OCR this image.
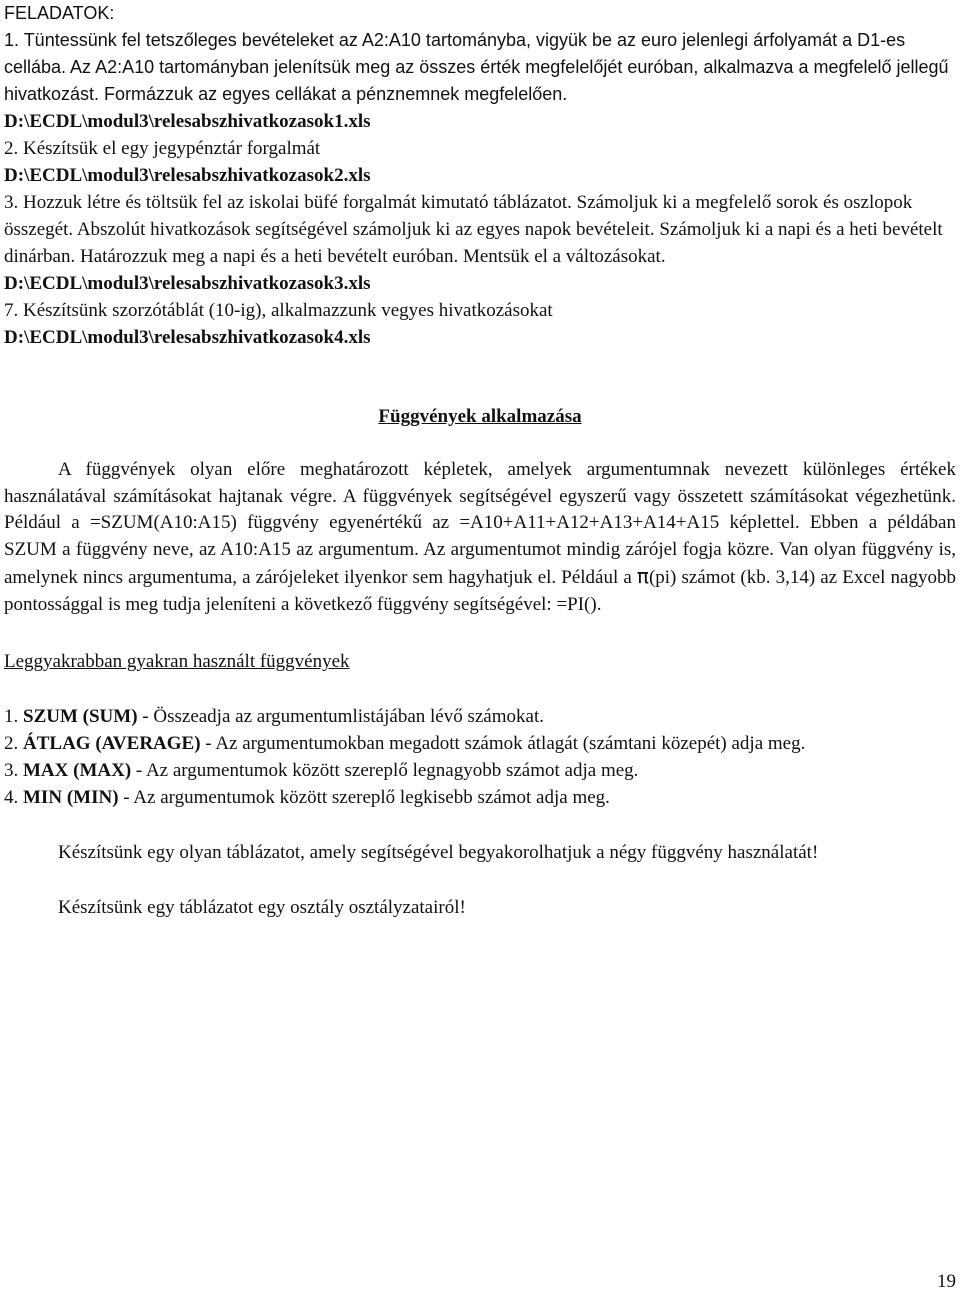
FELADATOK:

1. Tüntessünk fel tetszőleges bevételeket az A2:A10 tartományba, vigyük be az euro jelenlegi árfolyamát a D1-es cellába. Az A2:A10 tartományban jelenítsük meg az összes érték megfelelőjét euróban, alkalmazva a megfelelő jellegű hivatkozást. Formázzuk az egyes cellákat a pénznemnek megfelelően.

D:\ECDL\modul3\relesabszhivatkozasok1.xls

2. Készítsük el egy jegypénztár forgalmát

D:\ECDL\modul3\relesabszhivatkozasok2.xls

3. Hozzuk létre és töltsük fel az iskolai büfé forgalmát kimutató táblázatot. Számoljuk ki a megfelelő sorok és oszlopok összegét. Abszolút hivatkozások segítségével számoljuk ki az egyes napok bevételeit. Számoljuk ki a napi és a heti bevételt dinárban. Határozzuk meg a napi és a heti bevételt euróban. Mentsük el a változásokat.

D:\ECDL\modul3\relesabszhivatkozasok3.xls

7. Készítsünk szorzótáblát (10-ig), alkalmazzunk vegyes hivatkozásokat

D:\ECDL\modul3\relesabszhivatkozasok4.xls

Függvények alkalmazása

A függvények olyan előre meghatározott képletek, amelyek argumentumnak nevezett különleges értékek használatával számításokat hajtanak végre. A függvények segítségével egyszerű vagy összetett számításokat végezhetünk. Például a =SZUM(A10:A15) függvény egyenértékű az =A10+A11+A12+A13+A14+A15 képlettel. Ebben a példában SZUM a függvény neve, az A10:A15 az argumentum. Az argumentumot mindig zárójel fogja közre. Van olyan függvény is, amelynek nincs argumentuma, a zárójeleket ilyenkor sem hagyhatjuk el. Például a π(pi) számot (kb. 3,14) az Excel nagyobb pontossággal is meg tudja jeleníteni a következő függvény segítségével: =PI().

Leggyakrabban gyakran használt függvények

1. SZUM (SUM) - Összeadja az argumentumlistájában lévő számokat.

2. ÁTLAG (AVERAGE) - Az argumentumokban megadott számok átlagát (számtani közepét) adja meg.

3. MAX (MAX) - Az argumentumok között szereplő legnagyobb számot adja meg.

4. MIN (MIN) - Az argumentumok között szereplő legkisebb számot adja meg.

Készítsünk egy olyan táblázatot, amely segítségével begyakorolhatjuk a négy függvény használatát!

Készítsünk egy táblázatot egy osztály osztályzatairól!

19
